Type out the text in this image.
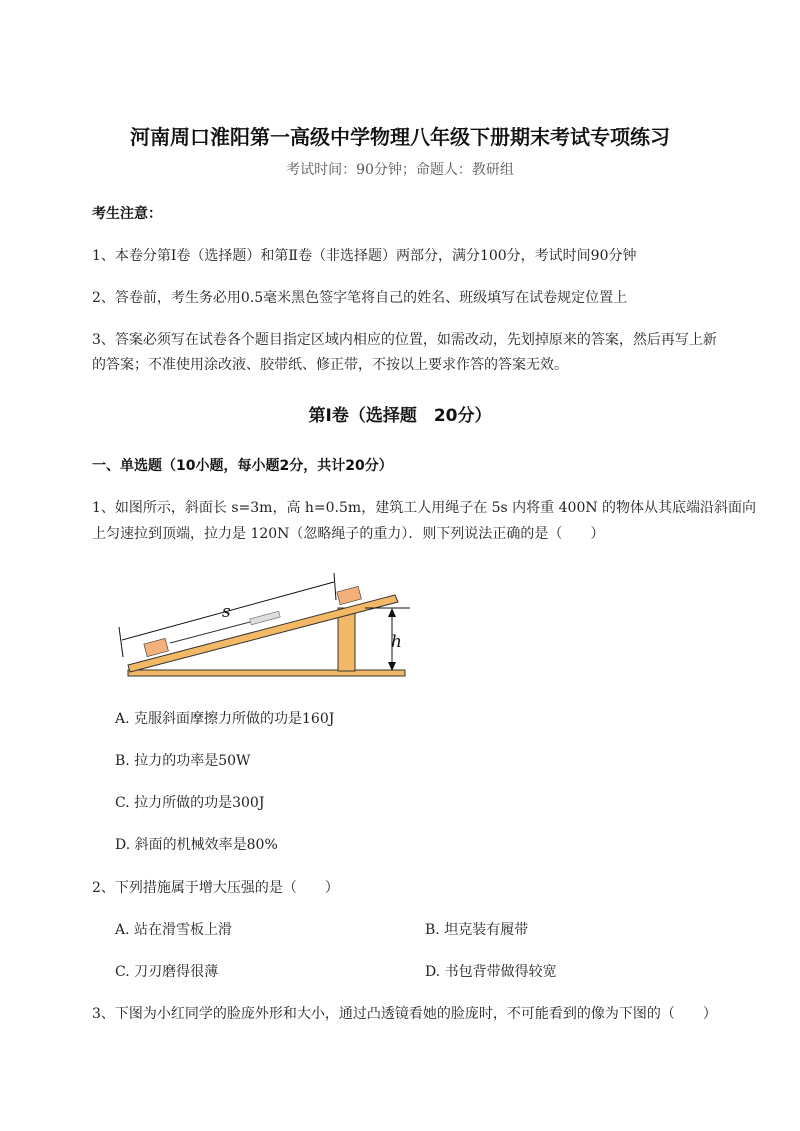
河南周口淮阳第一高级中学物理八年级下册期末考试专项练习
考试时间：90分钟；命题人：教研组
考生注意：
1、本卷分第Ⅰ卷（选择题）和第Ⅱ卷（非选择题）两部分，满分100分，考试时间90分钟
2、答卷前，考生务必用0.5毫米黑色签字笔将自己的姓名、班级填写在试卷规定位置上
3、答案必须写在试卷各个题目指定区域内相应的位置，如需改动，先划掉原来的答案，然后再写上新
的答案；不准使用涂改液、胶带纸、修正带，不按以上要求作答的答案无效。
第Ⅰ卷（选择题　20分）
一、单选题（10小题，每小题2分，共计20分）
1、如图所示，斜面长 s=3m，高 h=0.5m，建筑工人用绳子在 5s 内将重 400N 的物体从其底端沿斜面向
上匀速拉到顶端，拉力是 120N（忽略绳子的重力）．则下列说法正确的是（　　）
s
h
A. 克服斜面摩擦力所做的功是160J
B. 拉力的功率是50W
C. 拉力所做的功是300J
D. 斜面的机械效率是80%
2、下列措施属于增大压强的是（　　）
A. 站在滑雪板上滑	B. 坦克装有履带
C. 刀刃磨得很薄	D. 书包背带做得较宽
3、下图为小红同学的脸庞外形和大小，通过凸透镜看她的脸庞时，不可能看到的像为下图的（　　）
